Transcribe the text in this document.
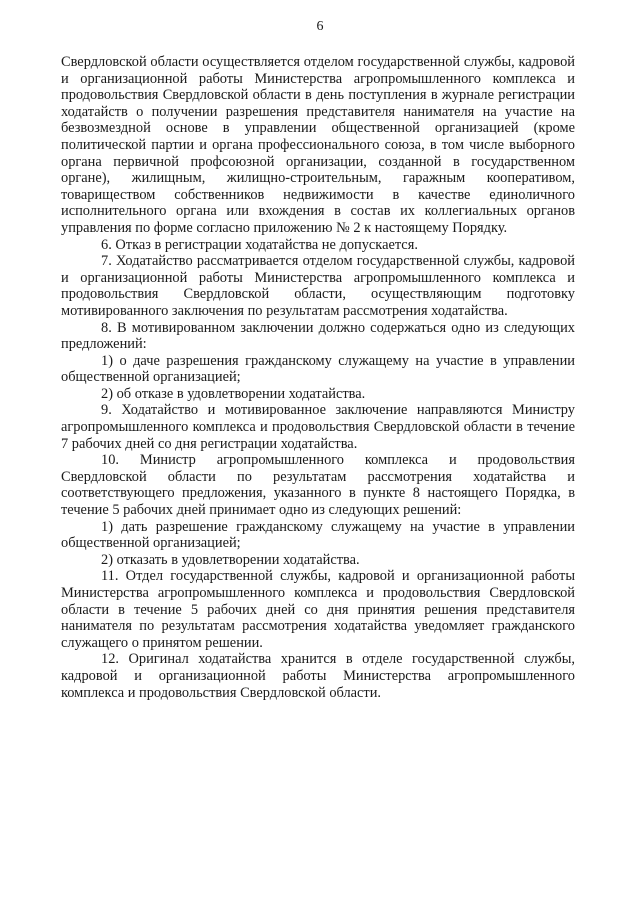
6

Свердловской области осуществляется отделом государственной службы, кадровой и организационной работы Министерства агропромышленного комплекса и продовольствия Свердловской области в день поступления в журнале регистрации ходатайств о получении разрешения представителя нанимателя на участие на безвозмездной основе в управлении общественной организацией (кроме политической партии и органа профессионального союза, в том числе выборного органа первичной профсоюзной организации, созданной в государственном органе), жилищным, жилищно-строительным, гаражным кооперативом, товариществом собственников недвижимости в качестве единоличного исполнительного органа или вхождения в состав их коллегиальных органов управления по форме согласно приложению № 2 к настоящему Порядку.

6. Отказ в регистрации ходатайства не допускается.

7. Ходатайство рассматривается отделом государственной службы, кадровой и организационной работы Министерства агропромышленного комплекса и продовольствия Свердловской области, осуществляющим подготовку мотивированного заключения по результатам рассмотрения ходатайства.

8. В мотивированном заключении должно содержаться одно из следующих предложений:

1) о даче разрешения гражданскому служащему на участие в управлении общественной организацией;

2) об отказе в удовлетворении ходатайства.

9. Ходатайство и мотивированное заключение направляются Министру агропромышленного комплекса и продовольствия Свердловской области в течение 7 рабочих дней со дня регистрации ходатайства.

10. Министр агропромышленного комплекса и продовольствия Свердловской области по результатам рассмотрения ходатайства и соответствующего предложения, указанного в пункте 8 настоящего Порядка, в течение 5 рабочих дней принимает одно из следующих решений:

1) дать разрешение гражданскому служащему на участие в управлении общественной организацией;

2) отказать в удовлетворении ходатайства.

11. Отдел государственной службы, кадровой и организационной работы Министерства агропромышленного комплекса и продовольствия Свердловской области в течение 5 рабочих дней со дня принятия решения представителя нанимателя по результатам рассмотрения ходатайства уведомляет гражданского служащего о принятом решении.

12. Оригинал ходатайства хранится в отделе государственной службы, кадровой и организационной работы Министерства агропромышленного комплекса и продовольствия Свердловской области.
